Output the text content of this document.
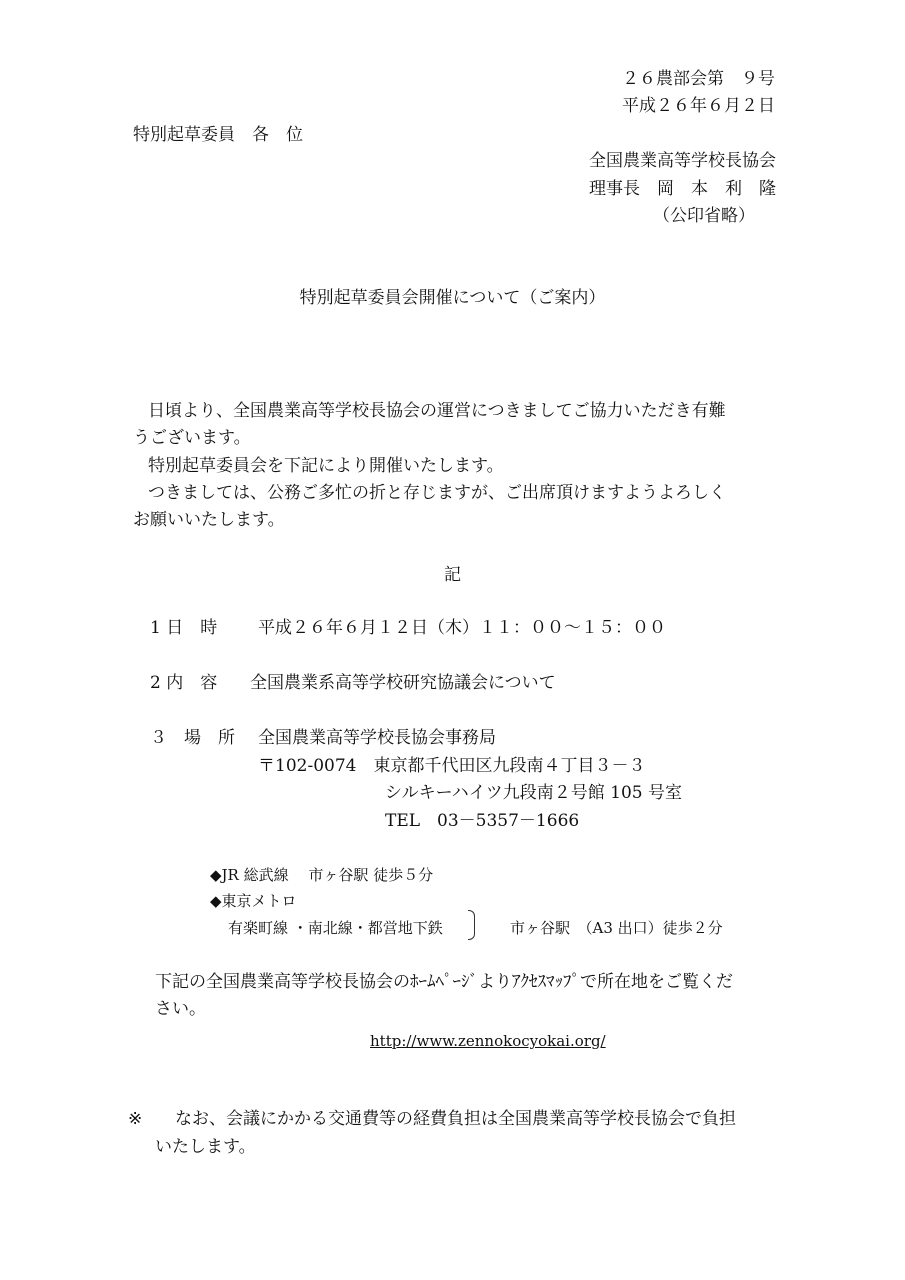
２６農部会第　９号
平成２６年６月２日
特別起草委員　各　位
全国農業高等学校長協会
理事長　岡　本　利　隆
（公印省略）
特別起草委員会開催について（ご案内）
日頃より、全国農業高等学校長協会の運営につきましてご協力いただき有難
うございます。
特別起草委員会を下記により開催いたします。
つきましては、公務ご多忙の折と存じますが、ご出席頂けますようよろしく
お願いいたします。
記
1 日　時 平成２６年６月１２日（木）１１：００〜１５：００
2 内　容 全国農業系高等学校研究協議会について
３　場　所 全国農業高等学校長協会事務局
〒102-0074　東京都千代田区九段南４丁目３－３
シルキーハイツ九段南２号館 105 号室
TEL　03－5357－1666
◆JR 総武線　 市ヶ谷駅 徒歩５分
◆東京メトロ
有楽町線 ・南北線・都営地下鉄	市ヶ谷駅　（A3 出口）徒歩２分
下記の全国農業高等学校長協会のﾎｰﾑﾍﾟｰｼﾞよりｱｸｾｽﾏｯﾌﾟで所在地をご覧くだ
さい。
http://www.zennokocyokai.org/
※ なお、会議にかかる交通費等の経費負担は全国農業高等学校長協会で負担
いたします。
